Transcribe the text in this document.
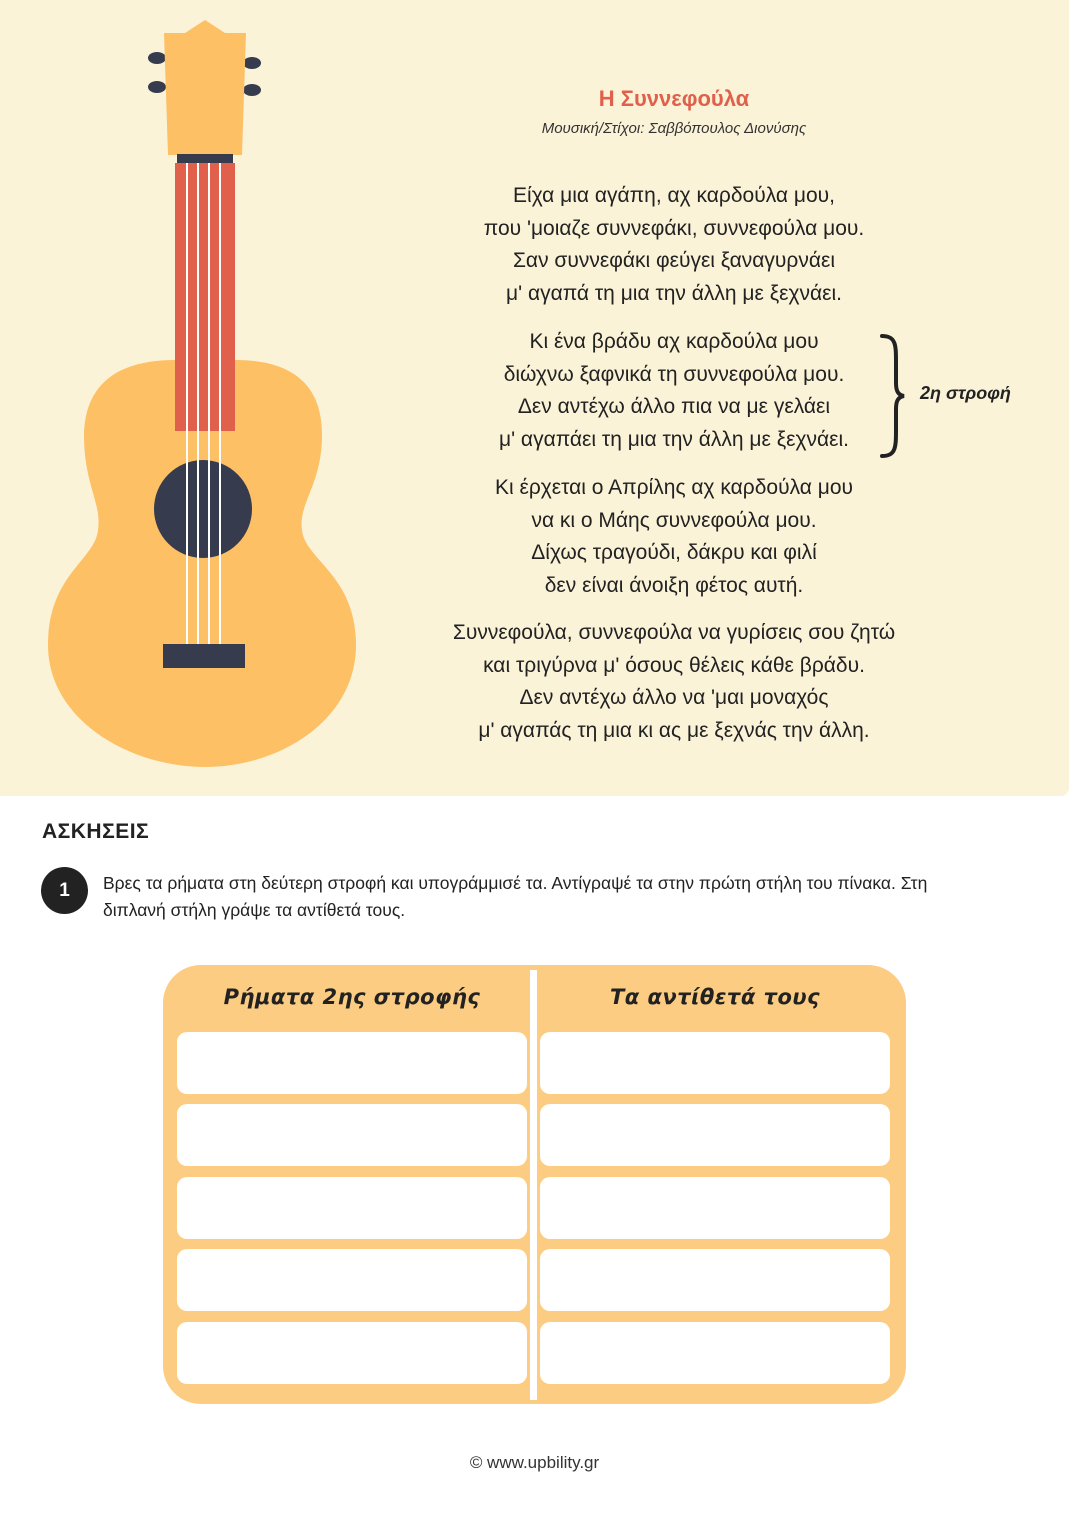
Η Συννεφούλα
Μουσική/Στίχοι: Σαββόπουλος Διονύσης
Είχα μια αγάπη, αχ καρδούλα μου,
που 'μοιαζε συννεφάκι, συννεφούλα μου.
Σαν συννεφάκι φεύγει ξαναγυρνάει
μ' αγαπά τη μια την άλλη με ξεχνάει.
Κι ένα βράδυ αχ καρδούλα μου
διώχνω ξαφνικά τη συννεφούλα μου.
Δεν αντέχω άλλο πια να με γελάει
μ' αγαπάει τη μια την άλλη με ξεχνάει.
2η στροφή
Κι έρχεται ο Απρίλης αχ καρδούλα μου
να κι ο Μάης συννεφούλα μου.
Δίχως τραγούδι, δάκρυ και φιλί
δεν είναι άνοιξη φέτος αυτή.
Συννεφούλα, συννεφούλα να γυρίσεις σου ζητώ
και τριγύρνα μ' όσους θέλεις κάθε βράδυ.
Δεν αντέχω άλλο να 'μαι μοναχός
μ' αγαπάς τη μια κι ας με ξεχνάς την άλλη.
ΑΣΚΗΣΕΙΣ
1	Βρες τα ρήματα στη δεύτερη στροφή και υπογράμμισέ τα. Αντίγραψέ τα στην πρώτη στήλη του πίνακα. Στη διπλανή στήλη γράψε τα αντίθετά τους.
Ρήματα 2ης στροφής	Τα αντίθετά τους
© www.upbility.gr
